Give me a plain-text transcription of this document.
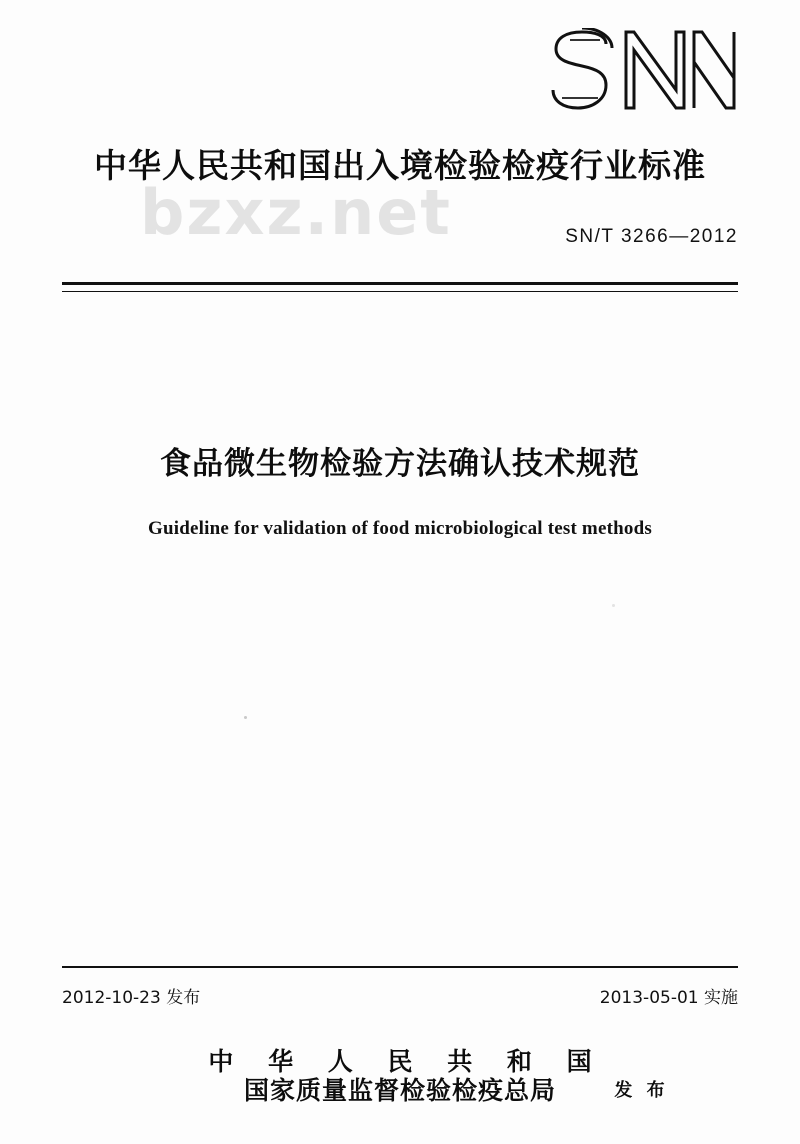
bzxz.net
中华人民共和国出入境检验检疫行业标准
SN/T 3266—2012
食品微生物检验方法确认技术规范
Guideline for validation of food microbiological test methods
2012-10-23 发布	2013-05-01 实施
中 华 人 民 共 和 国
国家质量监督检验检疫总局	发 布
